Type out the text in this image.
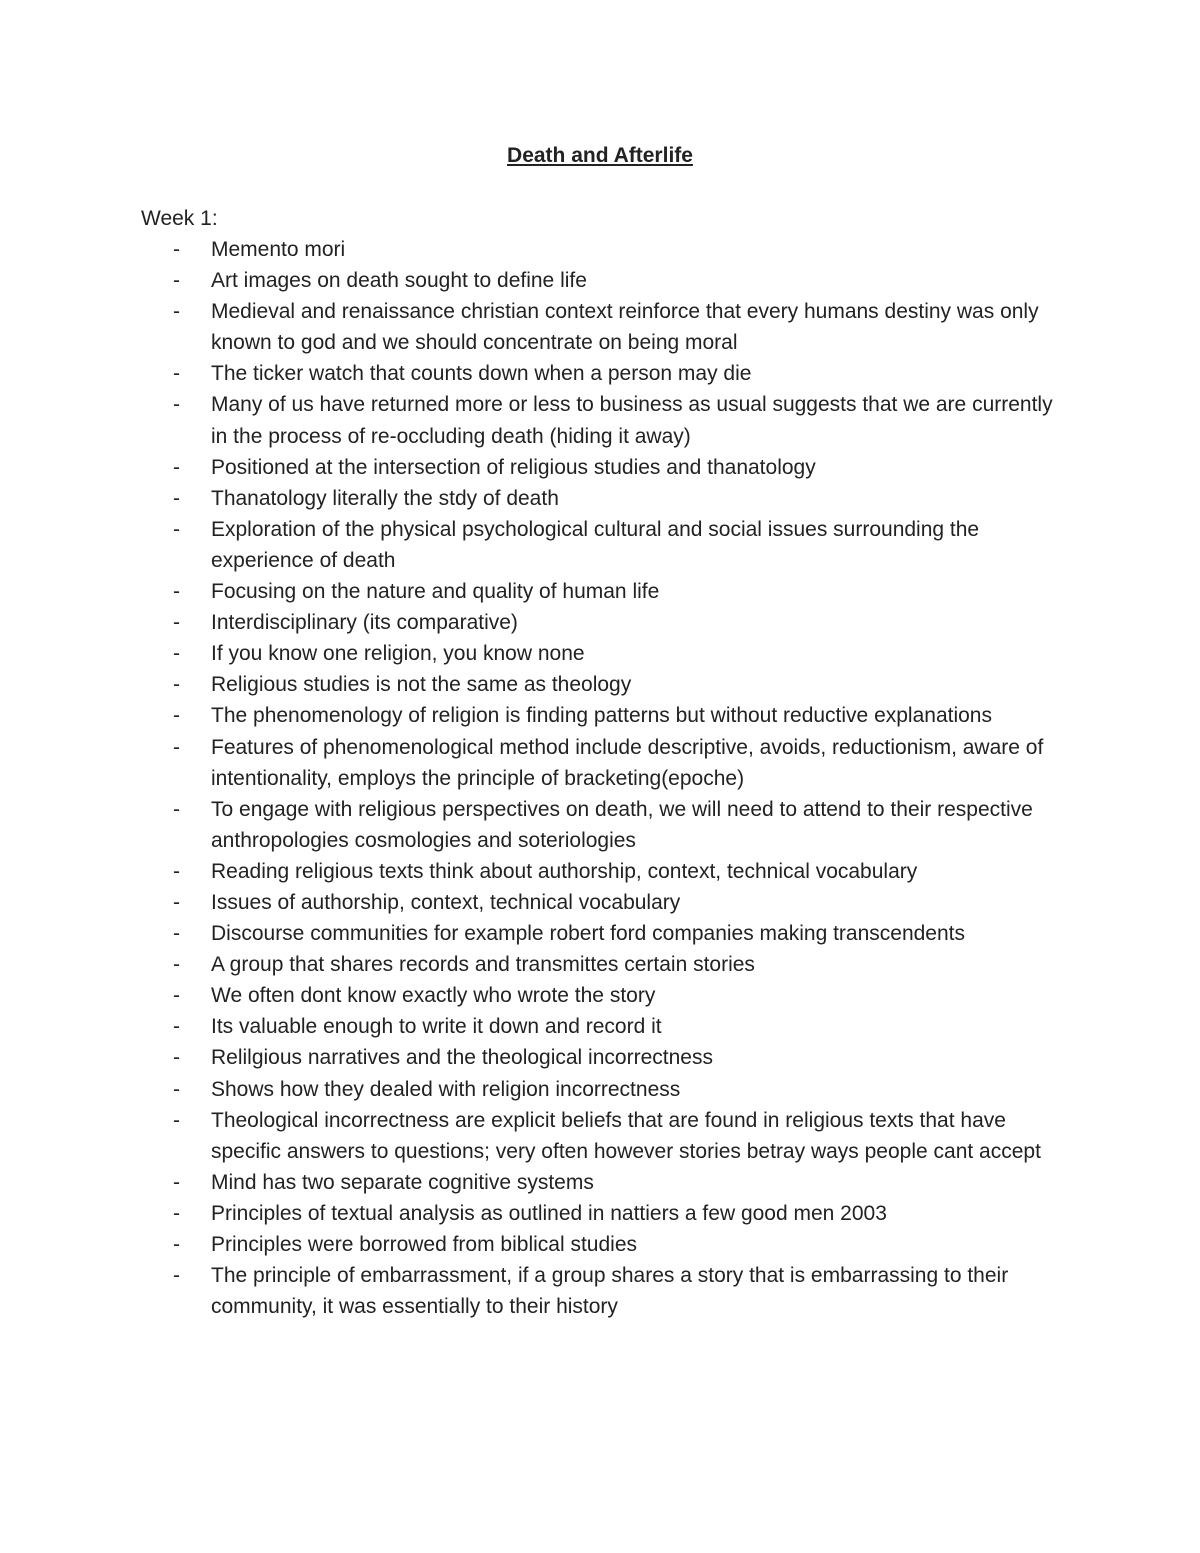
Death and Afterlife
Week 1:
- Memento mori
- Art images on death sought to define life
- Medieval and renaissance christian context reinforce that every humans destiny was only known to god and we should concentrate on being moral
- The ticker watch that counts down when a person may die
- Many of us have returned more or less to business as usual suggests that we are currently in the process of re-occluding death (hiding it away)
- Positioned at the intersection of religious studies and thanatology
- Thanatology literally the stdy of death
- Exploration of the physical psychological cultural and social issues surrounding the experience of death
- Focusing on the nature and quality of human life
- Interdisciplinary (its comparative)
- If you know one religion, you know none
- Religious studies is not the same as theology
- The phenomenology of religion is finding patterns but without reductive explanations
- Features of phenomenological method include descriptive, avoids, reductionism, aware of intentionality, employs the principle of bracketing(epoche)
- To engage with religious perspectives on death, we will need to attend to their respective anthropologies cosmologies and soteriologies
- Reading religious texts think about authorship, context, technical vocabulary
- Issues of authorship, context, technical vocabulary
- Discourse communities for example robert ford companies making transcendents
- A group that shares records and transmittes certain stories
- We often dont know exactly who wrote the story
- Its valuable enough to write it down and record it
- Relilgious narratives and the theological incorrectness
- Shows how they dealed with religion incorrectness
- Theological incorrectness are explicit beliefs that are found in religious texts that have specific answers to questions; very often however stories betray ways people cant accept
- Mind has two separate cognitive systems
- Principles of textual analysis as outlined in nattiers a few good men 2003
- Principles were borrowed from biblical studies
- The principle of embarrassment, if a group shares a story that is embarrassing to their community, it was essentially to their history
